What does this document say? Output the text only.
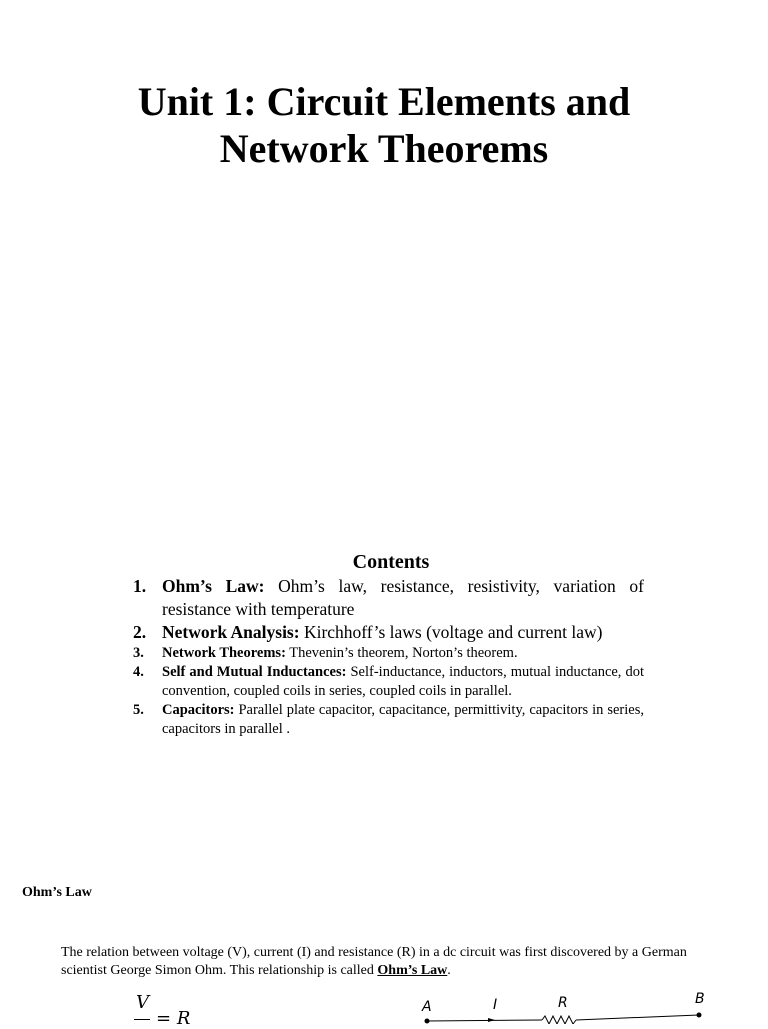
Unit 1: Circuit Elements and
Network Theorems
Contents
1. Ohm’s Law: Ohm’s law, resistance, resistivity, variation of resistance with temperature
2. Network Analysis: Kirchhoff’s laws (voltage and current law)
3. Network Theorems: Thevenin’s theorem, Norton’s theorem.
4. Self and Mutual Inductances: Self-inductance, inductors, mutual inductance, dot convention, coupled coils in series, coupled coils in parallel.
5. Capacitors: Parallel plate capacitor, capacitance, permittivity, capacitors in series, capacitors in parallel .
Ohm’s Law

The relation between voltage (V), current (I) and resistance (R) in a dc circuit was first discovered by a German scientist George Simon Ohm. This relationship is called Ohm’s Law.

V
= R
A	I	R	B
